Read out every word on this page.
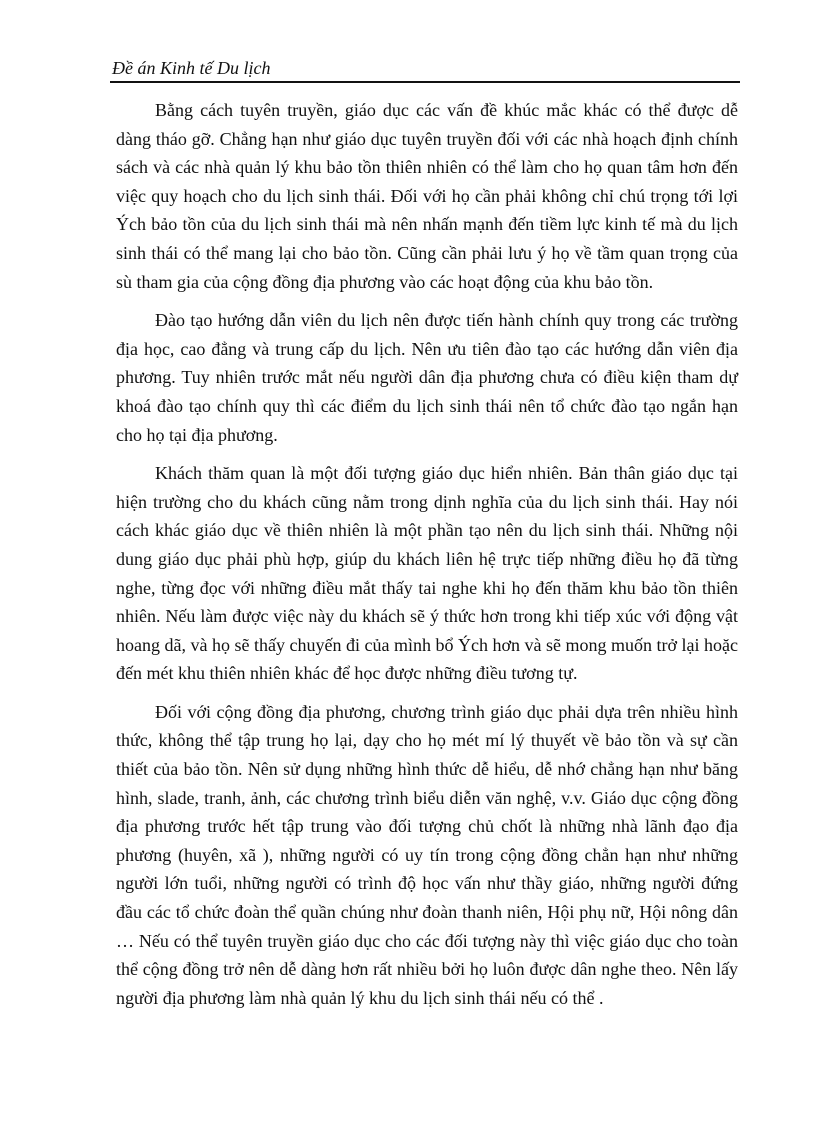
Đề án Kinh tế Du lịch

Bằng cách tuyên truyền, giáo dục các vấn đề khúc mắc khác có thể được dễ dàng tháo gỡ. Chẳng hạn như giáo dục tuyên truyền đối với các nhà hoạch định chính sách và các nhà quản lý khu bảo tồn thiên nhiên có thể làm cho họ quan tâm hơn đến việc quy hoạch cho du lịch sinh thái. Đối với họ cần phải không chỉ chú trọng tới lợi Ých bảo tồn của du lịch sinh thái mà nên nhấn mạnh đến tiềm lực kinh tế mà du lịch sinh thái có thể mang lại cho bảo tồn. Cũng cần phải lưu ý họ về tầm quan trọng của sù tham gia của cộng đồng địa phương vào các hoạt động của khu bảo tồn.

Đào tạo hướng dẫn viên du lịch nên được tiến hành chính quy trong các trường địa học, cao đẳng và trung cấp du lịch. Nên ưu tiên đào tạo các hướng dẫn viên địa phương. Tuy nhiên trước mắt nếu người dân địa phương chưa có điều kiện tham dự khoá đào tạo chính quy thì các điểm du lịch sinh thái nên tổ chức đào tạo ngắn hạn cho họ tại địa phương.

Khách thăm quan là một đối tượng giáo dục hiển nhiên. Bản thân giáo dục tại hiện trường cho du khách cũng nằm trong dịnh nghĩa của du lịch sinh thái. Hay nói cách khác giáo dục về thiên nhiên là một phần tạo nên du lịch sinh thái. Những nội dung giáo dục phải phù hợp, giúp du khách liên hệ trực tiếp những điều họ đã từng nghe, từng đọc với những điều mắt thấy tai nghe khi họ đến thăm khu bảo tồn thiên nhiên. Nếu làm được việc này du khách sẽ ý thức hơn trong khi tiếp xúc với động vật hoang dã, và họ sẽ thấy chuyến đi của mình bổ Ých hơn và sẽ mong muốn trở lại hoặc đến mét khu thiên nhiên khác để học được những điều tương tự.

Đối với cộng đồng địa phương, chương trình giáo dục phải dựa trên nhiều hình thức, không thể tập trung họ lại, dạy cho họ mét mí lý thuyết về bảo tồn và sự cần thiết của bảo tồn. Nên sử dụng những hình thức dễ hiểu, dễ nhớ chẳng hạn như băng hình, slade, tranh, ảnh, các chương trình biểu diễn văn nghệ, v.v. Giáo dục cộng đồng địa phương trước hết tập trung vào đối tượng chủ chốt là những nhà lãnh đạo địa phương (huyên, xã ), những người có uy tín trong cộng đồng chẳn hạn như những người lớn tuổi, những người có trình độ học vấn như thầy giáo, những người đứng đầu các tổ chức đoàn thể quần chúng như đoàn thanh niên, Hội phụ nữ, Hội nông dân … Nếu có thể tuyên truyền giáo dục cho các đối tượng này thì việc giáo dục cho toàn thể cộng đồng trở nên dễ dàng hơn rất nhiều bởi họ luôn được dân nghe theo. Nên lấy người địa phương làm nhà quản lý khu du lịch sinh thái nếu có thể .
